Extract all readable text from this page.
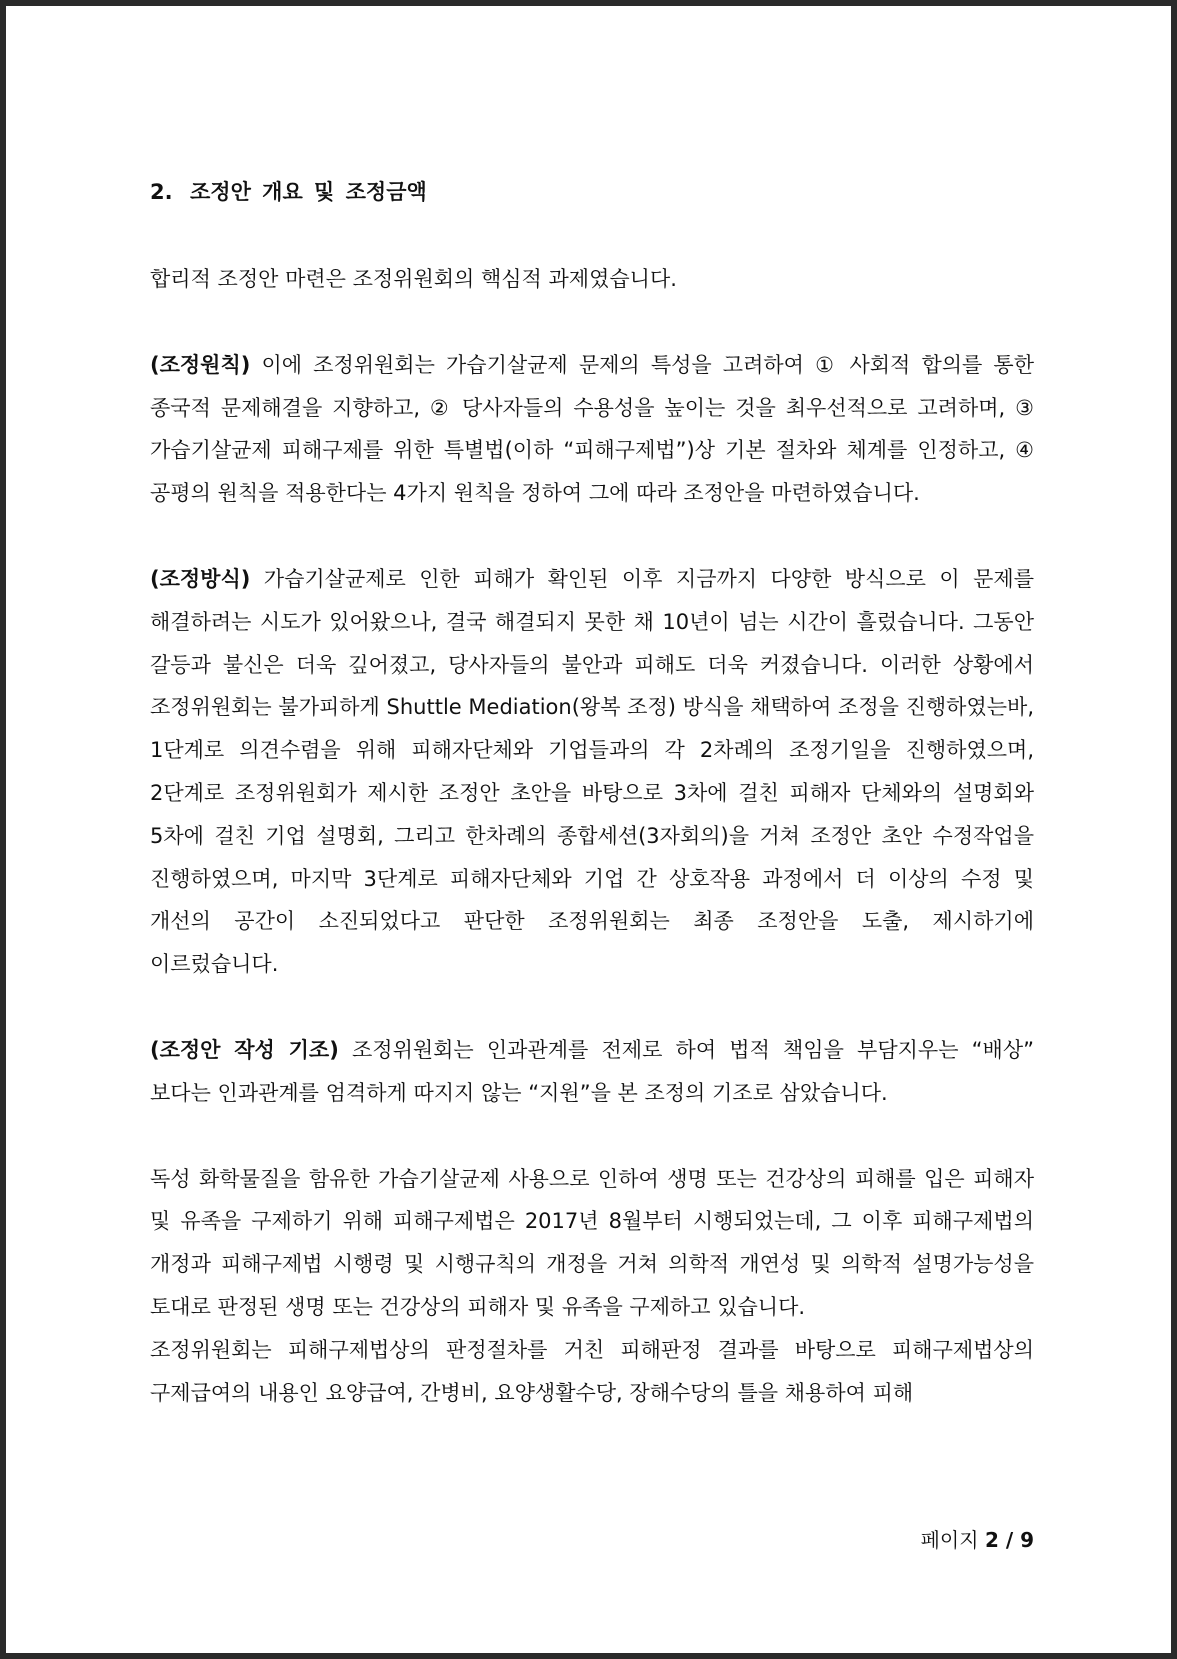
2. 조정안 개요 및 조정금액

합리적 조정안 마련은 조정위원회의 핵심적 과제였습니다.

(조정원칙) 이에 조정위원회는 가습기살균제 문제의 특성을 고려하여 ① 사회적 합의를 통한 종국적 문제해결을 지향하고, ② 당사자들의 수용성을 높이는 것을 최우선적으로 고려하며, ③ 가습기살균제 피해구제를 위한 특별법(이하 “피해구제법”)상 기본 절차와 체계를 인정하고, ④ 공평의 원칙을 적용한다는 4가지 원칙을 정하여 그에 따라 조정안을 마련하였습니다.

(조정방식) 가습기살균제로 인한 피해가 확인된 이후 지금까지 다양한 방식으로 이 문제를 해결하려는 시도가 있어왔으나, 결국 해결되지 못한 채 10년이 넘는 시간이 흘렀습니다. 그동안 갈등과 불신은 더욱 깊어졌고, 당사자들의 불안과 피해도 더욱 커졌습니다. 이러한 상황에서 조정위원회는 불가피하게 Shuttle Mediation(왕복 조정) 방식을 채택하여 조정을 진행하였는바, 1단계로 의견수렴을 위해 피해자단체와 기업들과의 각 2차례의 조정기일을 진행하였으며, 2단계로 조정위원회가 제시한 조정안 초안을 바탕으로 3차에 걸친 피해자 단체와의 설명회와 5차에 걸친 기업 설명회, 그리고 한차례의 종합세션(3자회의)을 거쳐 조정안 초안 수정작업을 진행하였으며, 마지막 3단계로 피해자단체와 기업 간 상호작용 과정에서 더 이상의 수정 및 개선의 공간이 소진되었다고 판단한 조정위원회는 최종 조정안을 도출, 제시하기에 이르렀습니다.

(조정안 작성 기조) 조정위원회는 인과관계를 전제로 하여 법적 책임을 부담지우는 “배상” 보다는 인과관계를 엄격하게 따지지 않는 “지원”을 본 조정의 기조로 삼았습니다.

독성 화학물질을 함유한 가습기살균제 사용으로 인하여 생명 또는 건강상의 피해를 입은 피해자 및 유족을 구제하기 위해 피해구제법은 2017년 8월부터 시행되었는데, 그 이후 피해구제법의 개정과 피해구제법 시행령 및 시행규칙의 개정을 거쳐 의학적 개연성 및 의학적 설명가능성을 토대로 판정된 생명 또는 건강상의 피해자 및 유족을 구제하고 있습니다.

조정위원회는 피해구제법상의 판정절차를 거친 피해판정 결과를 바탕으로 피해구제법상의 구제급여의 내용인 요양급여, 간병비, 요양생활수당, 장해수당의 틀을 채용하여 피해

페이지 2 / 9
